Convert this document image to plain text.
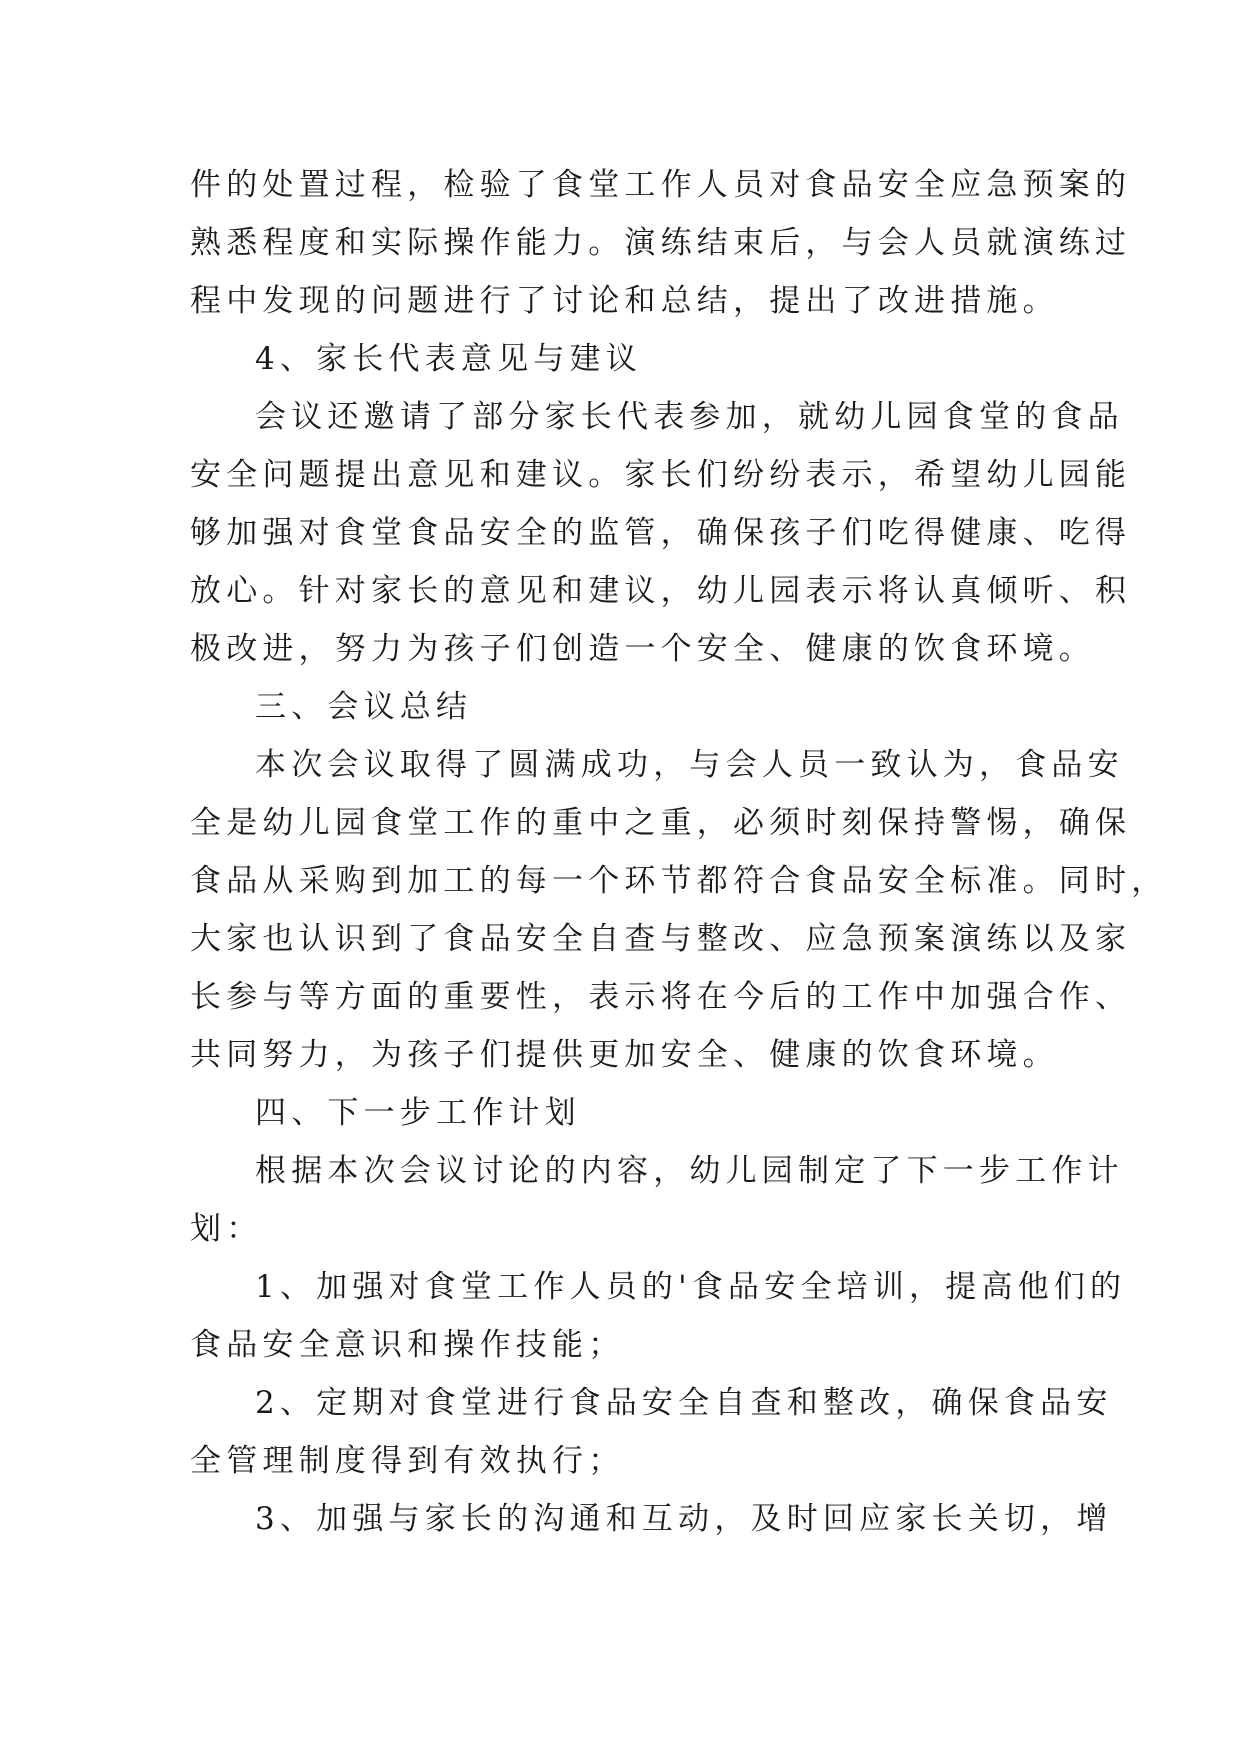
件的处置过程，检验了食堂工作人员对食品安全应急预案的
熟悉程度和实际操作能力。演练结束后，与会人员就演练过
程中发现的问题进行了讨论和总结，提出了改进措施。
4、家长代表意见与建议
会议还邀请了部分家长代表参加，就幼儿园食堂的食品
安全问题提出意见和建议。家长们纷纷表示，希望幼儿园能
够加强对食堂食品安全的监管，确保孩子们吃得健康、吃得
放心。针对家长的意见和建议，幼儿园表示将认真倾听、积
极改进，努力为孩子们创造一个安全、健康的饮食环境。
三、会议总结
本次会议取得了圆满成功，与会人员一致认为，食品安
全是幼儿园食堂工作的重中之重，必须时刻保持警惕，确保
食品从采购到加工的每一个环节都符合食品安全标准。同时，
大家也认识到了食品安全自查与整改、应急预案演练以及家
长参与等方面的重要性，表示将在今后的工作中加强合作、
共同努力，为孩子们提供更加安全、健康的饮食环境。
四、下一步工作计划
根据本次会议讨论的内容，幼儿园制定了下一步工作计
划：
1、加强对食堂工作人员的'食品安全培训，提高他们的
食品安全意识和操作技能；
2、定期对食堂进行食品安全自查和整改，确保食品安
全管理制度得到有效执行；
3、加强与家长的沟通和互动，及时回应家长关切，增
